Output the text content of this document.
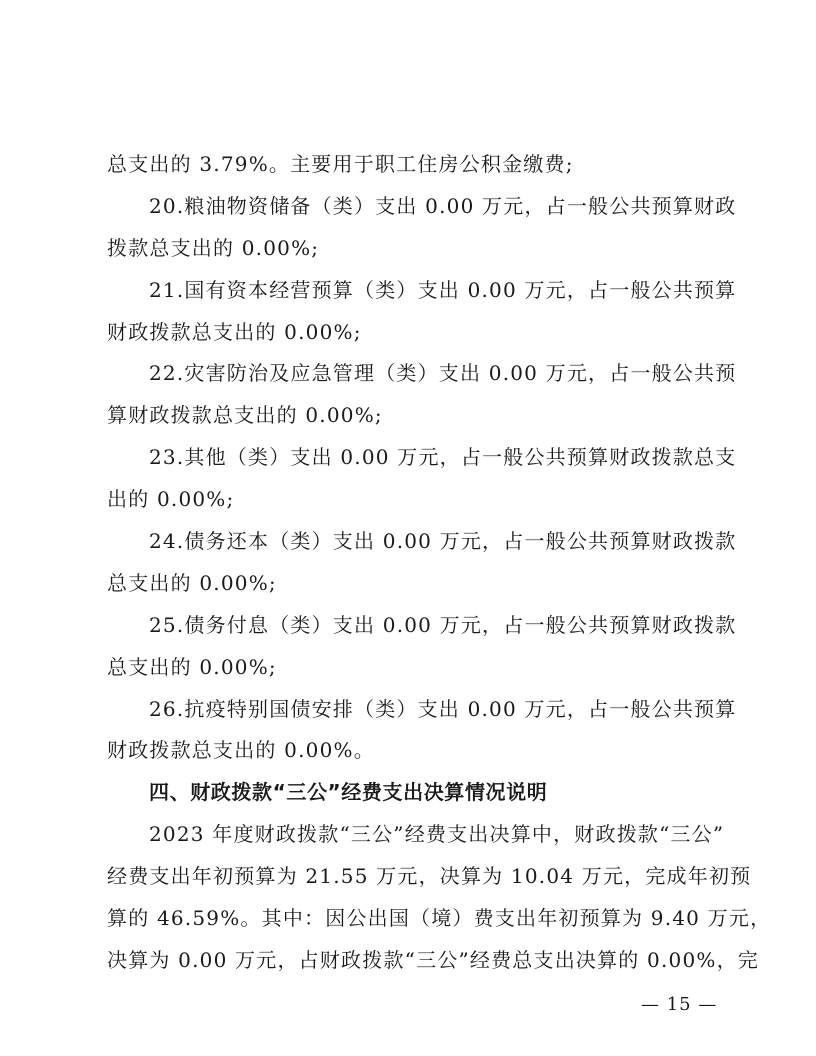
总支出的 3.79%。主要用于职工住房公积金缴费;
20.粮油物资储备（类）支出 0.00 万元，占一般公共预算财政
拨款总支出的 0.00%;
21.国有资本经营预算（类）支出 0.00 万元，占一般公共预算
财政拨款总支出的 0.00%;
22.灾害防治及应急管理（类）支出 0.00 万元，占一般公共预
算财政拨款总支出的 0.00%;
23.其他（类）支出 0.00 万元，占一般公共预算财政拨款总支
出的 0.00%;
24.债务还本（类）支出 0.00 万元，占一般公共预算财政拨款
总支出的 0.00%;
25.债务付息（类）支出 0.00 万元，占一般公共预算财政拨款
总支出的 0.00%;
26.抗疫特别国债安排（类）支出 0.00 万元，占一般公共预算
财政拨款总支出的 0.00%。
四、财政拨款“三公”经费支出决算情况说明
2023 年度财政拨款“三公”经费支出决算中，财政拨款“三公”
经费支出年初预算为 21.55 万元，决算为 10.04 万元，完成年初预
算的 46.59%。其中：因公出国（境）费支出年初预算为 9.40 万元，
决算为 0.00 万元，占财政拨款“三公”经费总支出决算的 0.00%，完
— 15 —
